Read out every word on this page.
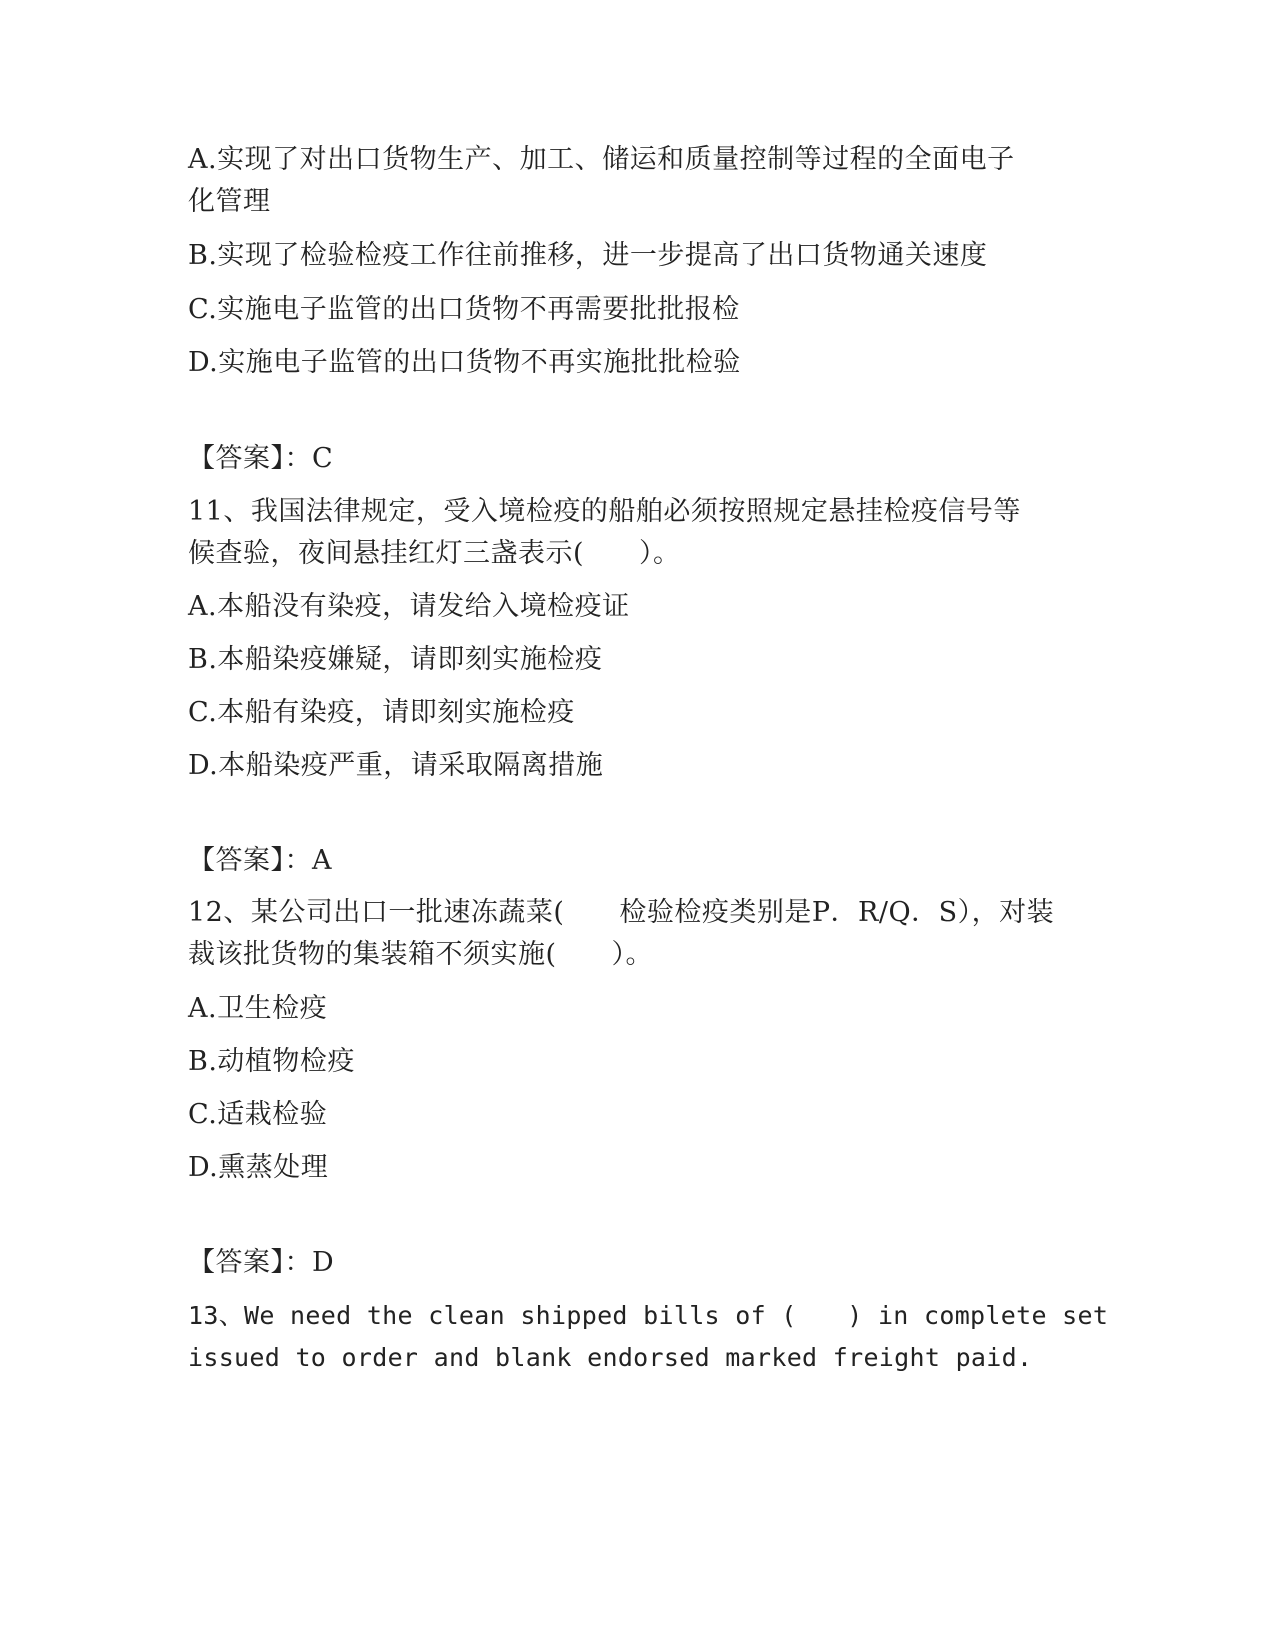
A.实现了对出口货物生产、加工、储运和质量控制等过程的全面电子
化管理
B.实现了检验检疫工作往前推移，进一步提高了出口货物通关速度
C.实施电子监管的出口货物不再需要批批报检
D.实施电子监管的出口货物不再实施批批检验
【答案】：C
11、我国法律规定，受入境检疫的船舶必须按照规定悬挂检疫信号等
候查验，夜间悬挂红灯三盏表示(　　）。
A.本船没有染疫，请发给入境检疫证
B.本船染疫嫌疑，请即刻实施检疫
C.本船有染疫，请即刻实施检疫
D.本船染疫严重，请采取隔离措施
【答案】：A
12、某公司出口一批速冻蔬菜(　　检验检疫类别是P．R/Q．S），对装
裁该批货物的集装箱不须实施(　　）。
A.卫生检疫
B.动植物检疫
C.适栽检验
D.熏蒸处理
【答案】：D
13、We need the clean shipped bills of (　　) in complete set
issued to order and blank endorsed marked freight paid.
